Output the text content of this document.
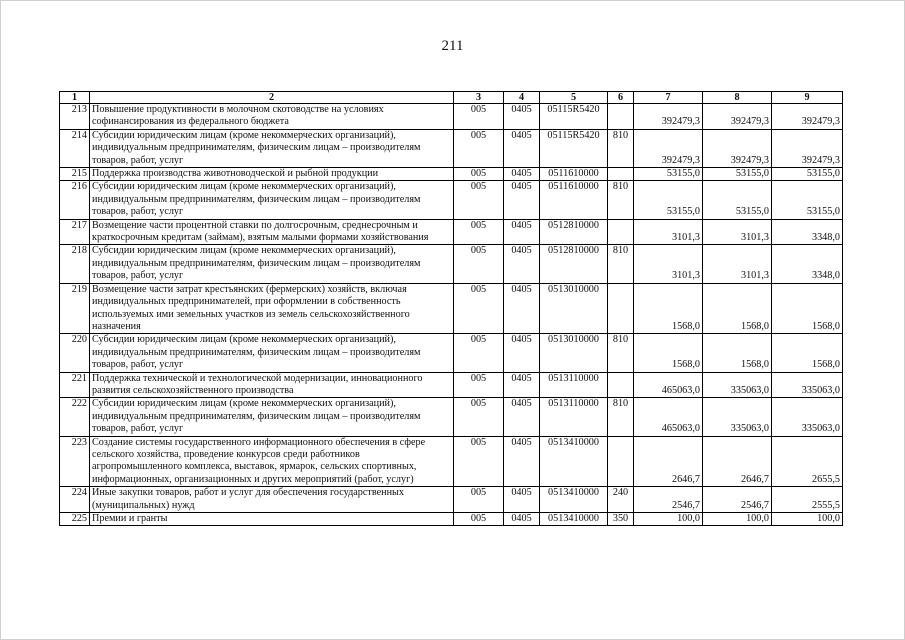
211
1	2	3	4	5	6	7	8	9
213	Повышение продуктивности в молочном скотоводстве на условиях софинансирования из федерального бюджета	005	0405	05115R5420		392479,3	392479,3	392479,3
214	Субсидии юридическим лицам (кроме некоммерческих организаций), индивидуальным предпринимателям, физическим лицам – производителям товаров, работ, услуг	005	0405	05115R5420	810	392479,3	392479,3	392479,3
215	Поддержка производства животноводческой и рыбной продукции	005	0405	0511610000		53155,0	53155,0	53155,0
216	Субсидии юридическим лицам (кроме некоммерческих организаций), индивидуальным предпринимателям, физическим лицам – производителям товаров, работ, услуг	005	0405	0511610000	810	53155,0	53155,0	53155,0
217	Возмещение части процентной ставки по долгосрочным, среднесрочным и краткосрочным кредитам (займам), взятым малыми формами хозяйствования	005	0405	0512810000		3101,3	3101,3	3348,0
218	Субсидии юридическим лицам (кроме некоммерческих организаций), индивидуальным предпринимателям, физическим лицам – производителям товаров, работ, услуг	005	0405	0512810000	810	3101,3	3101,3	3348,0
219	Возмещение части затрат крестьянских (фермерских) хозяйств, включая индивидуальных предпринимателей, при оформлении в собственность используемых ими земельных участков из земель сельскохозяйственного назначения	005	0405	0513010000		1568,0	1568,0	1568,0
220	Субсидии юридическим лицам (кроме некоммерческих организаций), индивидуальным предпринимателям, физическим лицам – производителям товаров, работ, услуг	005	0405	0513010000	810	1568,0	1568,0	1568,0
221	Поддержка технической и технологической модернизации, инновационного развития сельскохозяйственного производства	005	0405	0513110000		465063,0	335063,0	335063,0
222	Субсидии юридическим лицам (кроме некоммерческих организаций), индивидуальным предпринимателям, физическим лицам – производителям товаров, работ, услуг	005	0405	0513110000	810	465063,0	335063,0	335063,0
223	Создание системы государственного информационного обеспечения в сфере сельского хозяйства, проведение конкурсов среди работников агропромышленного комплекса, выставок, ярмарок, сельских спортивных, информационных, организационных и других мероприятий (работ, услуг)	005	0405	0513410000		2646,7	2646,7	2655,5
224	Иные закупки товаров, работ и услуг для обеспечения государственных (муниципальных) нужд	005	0405	0513410000	240	2546,7	2546,7	2555,5
225	Премии и гранты	005	0405	0513410000	350	100,0	100,0	100,0
